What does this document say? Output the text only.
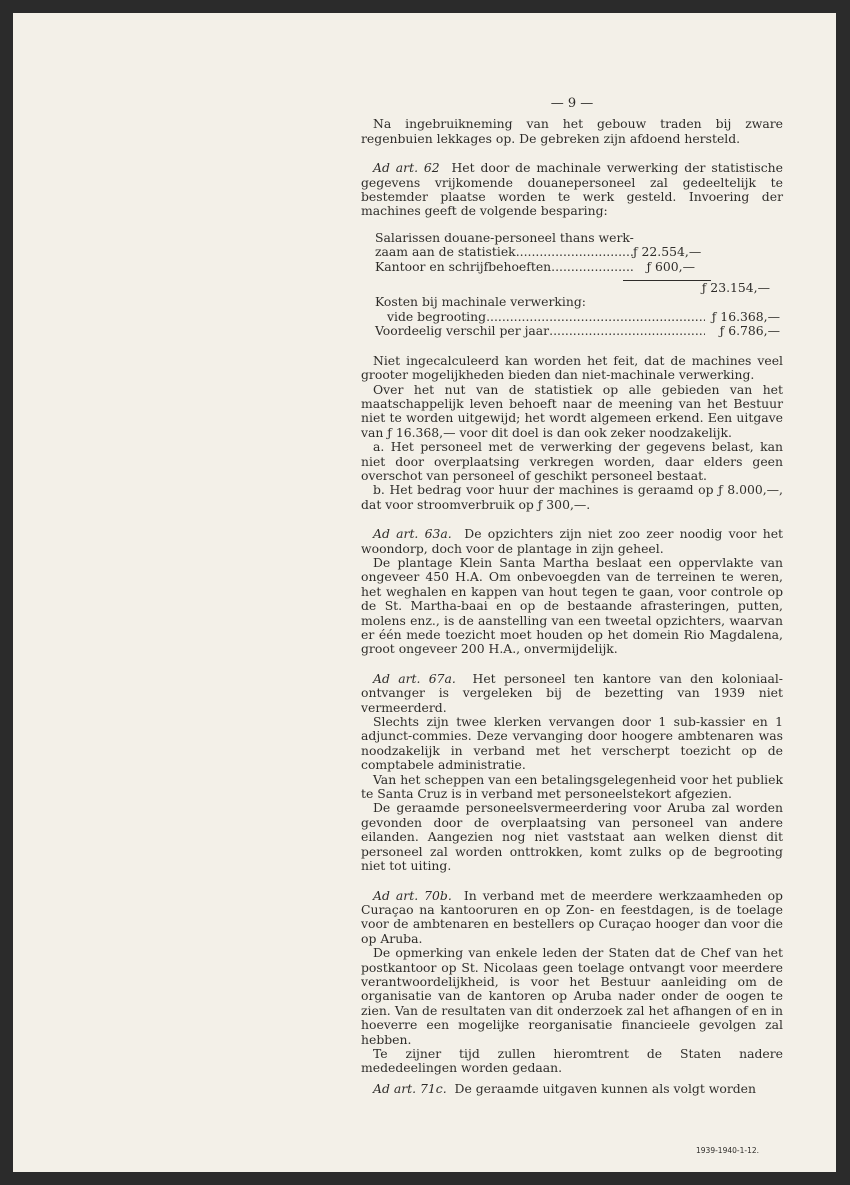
— 9 —

Na ingebruikneming van het gebouw traden bij zware regenbuien lekkages op. De gebreken zijn afdoend hersteld.

Ad art. 62 Het door de machinale verwerking der statistische gegevens vrijkomende douanepersoneel zal gedeeltelijk te bestemder plaatse worden te werk gesteld. Invoering der machines geeft de volgende besparing:

Salarissen douane-personeel thans werk-
zaam aan de statistiek .....	ƒ 22.554,—
Kantoor en schrijfbehoeften .....	ƒ 600,—
ƒ 23.154,—
Kosten bij machinale verwerking:
vide begrooting .....	ƒ 16.368,—
Voordeelig verschil per jaar .....	ƒ 6.786,—

Niet ingecalculeerd kan worden het feit, dat de machines veel grooter mogelijkheden bieden dan niet-machinale verwerking.

Over het nut van de statistiek op alle gebieden van het maatschappelijk leven behoeft naar de meening van het Bestuur niet te worden uitgewijd; het wordt algemeen erkend. Een uitgave van ƒ 16.368,— voor dit doel is dan ook zeker noodzakelijk.

a. Het personeel met de verwerking der gegevens belast, kan niet door overplaatsing verkregen worden, daar elders geen overschot van personeel of geschikt personeel bestaat.

b. Het bedrag voor huur der machines is geraamd op ƒ 8.000,—, dat voor stroomverbruik op ƒ 300,—.

Ad art. 63a. De opzichters zijn niet zoo zeer noodig voor het woondorp, doch voor de plantage in zijn geheel.

De plantage Klein Santa Martha beslaat een oppervlakte van ongeveer 450 H.A. Om onbevoegden van de terreinen te weren, het weghalen en kappen van hout tegen te gaan, voor controle op de St. Martha-baai en op de bestaande afrasteringen, putten, molens enz., is de aanstelling van een tweetal opzichters, waarvan er één mede toezicht moet houden op het domein Rio Magdalena, groot ongeveer 200 H.A., onvermijdelijk.

Ad art. 67a. Het personeel ten kantore van den koloniaal- ontvanger is vergeleken bij de bezetting van 1939 niet vermeerderd.

Slechts zijn twee klerken vervangen door 1 sub-kassier en 1 adjunct-commies. Deze vervanging door hoogere ambtenaren was noodzakelijk in verband met het verscherpt toezicht op de comptabele administratie.

Van het scheppen van een betalingsgelegenheid voor het publiek te Santa Cruz is in verband met personeelstekort afgezien.

De geraamde personeelsvermeerdering voor Aruba zal worden gevonden door de overplaatsing van personeel van andere eilanden. Aangezien nog niet vaststaat aan welken dienst dit personeel zal worden onttrokken, komt zulks op de begrooting niet tot uiting.

Ad art. 70b. In verband met de meerdere werkzaamheden op Curaçao na kantooruren en op Zon- en feestdagen, is de toelage voor de ambtenaren en bestellers op Curaçao hooger dan voor die op Aruba.

De opmerking van enkele leden der Staten dat de Chef van het postkantoor op St. Nicolaas geen toelage ontvangt voor meerdere verantwoordelijkheid, is voor het Bestuur aanleiding om de organisatie van de kantoren op Aruba nader onder de oogen te zien. Van de resultaten van dit onderzoek zal het afhangen of en in hoeverre een mogelijke reorganisatie financieele gevolgen zal hebben.

Te zijner tijd zullen hieromtrent de Staten nadere mededeelingen worden gedaan.

Ad art. 71c. De geraamde uitgaven kunnen als volgt worden

1939-1940-1-12.
